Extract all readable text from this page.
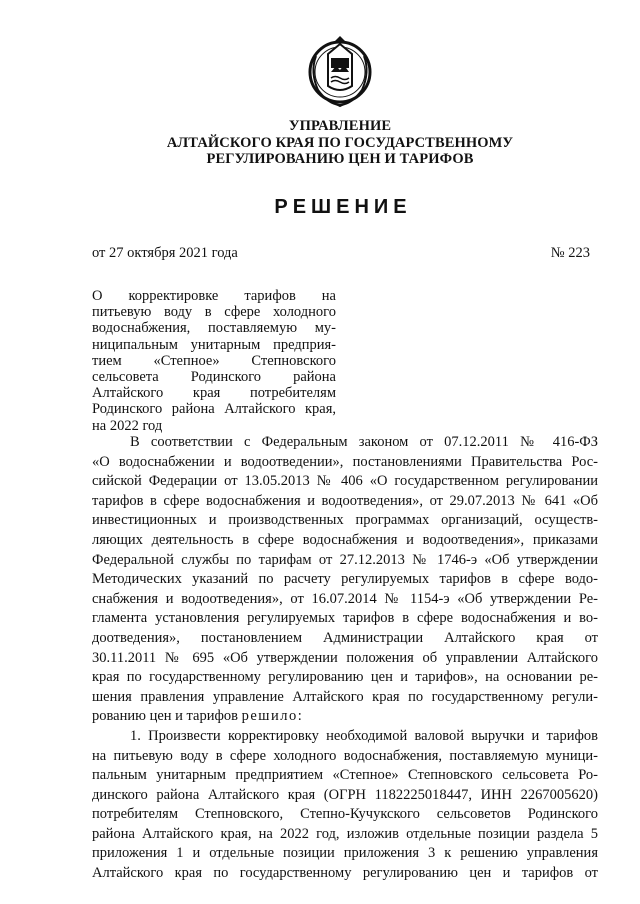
УПРАВЛЕНИЕ
АЛТАЙСКОГО КРАЯ ПО ГОСУДАРСТВЕННОМУ
РЕГУЛИРОВАНИЮ ЦЕН И ТАРИФОВ
РЕШЕНИЕ
от 27 октября 2021 года	№ 223
О корректировке тарифов на
питьевую воду в сфере холодного
водоснабжения, поставляемую му-
ниципальным унитарным предприя-
тием «Степное» Степновского
сельсовета Родинского района
Алтайского края потребителям
Родинского района Алтайского края,
на 2022 год
В соответствии с Федеральным законом от 07.12.2011 № 416-ФЗ
«О водоснабжении и водоотведении», постановлениями Правительства Рос-
сийской Федерации от 13.05.2013 № 406 «О государственном регулировании
тарифов в сфере водоснабжения и водоотведения», от 29.07.2013 № 641 «Об
инвестиционных и производственных программах организаций, осуществ-
ляющих деятельность в сфере водоснабжения и водоотведения», приказами
Федеральной службы по тарифам от 27.12.2013 № 1746-э «Об утверждении
Методических указаний по расчету регулируемых тарифов в сфере водо-
снабжения и водоотведения», от 16.07.2014 № 1154-э «Об утверждении Ре-
гламента установления регулируемых тарифов в сфере водоснабжения и во-
доотведения», постановлением Администрации Алтайского края от
30.11.2011 № 695 «Об утверждении положения об управлении Алтайского
края по государственному регулированию цен и тарифов», на основании ре-
шения правления управление Алтайского края по государственному регули-
рованию цен и тарифов решило:
1. Произвести корректировку необходимой валовой выручки и тарифов
на питьевую воду в сфере холодного водоснабжения, поставляемую муници-
пальным унитарным предприятием «Степное» Степновского сельсовета Ро-
динского района Алтайского края (ОГРН 1182225018447, ИНН 2267005620)
потребителям Степновского, Степно-Кучукского сельсоветов Родинского
района Алтайского края, на 2022 год, изложив отдельные позиции раздела 5
приложения 1 и отдельные позиции приложения 3 к решению управления
Алтайского края по государственному регулированию цен и тарифов от
